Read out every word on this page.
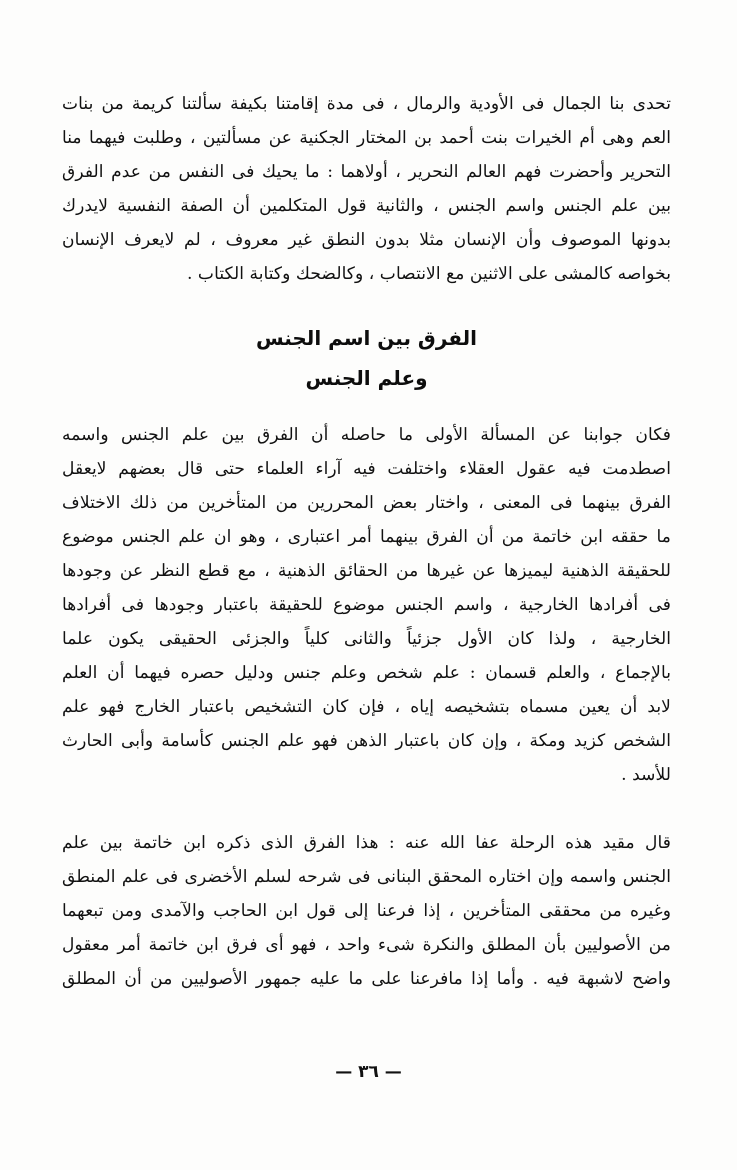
تحدى بنا الجمال فى الأودية والرمال ، فى مدة إقامتنا بكيفة سألتنا كريمة من بنات
العم وهى أم الخيرات بنت أحمد بن المختار الجكنية عن مسألتين ، وطلبت فيهما منا
التحرير وأحضرت فهم العالم النحرير ، أولاهما : ما يحيك فى النفس من عدم الفرق
بين علم الجنس واسم الجنس ، والثانية قول المتكلمين أن الصفة النفسية لايدرك
بدونها الموصوف وأن الإنسان مثلا بدون النطق غير معروف ، لم لايعرف الإنسان
بخواصه كالمشى على الاثنين مع الانتصاب ، وكالضحك وكتابة الكتاب .
الفرق بين اسم الجنس
وعلم الجنس
فكان جوابنا عن المسألة الأولى ما حاصله أن الفرق بين علم الجنس واسمه
اصطدمت فيه عقول العقلاء واختلفت فيه آراء العلماء حتى قال بعضهم لايعقل
الفرق بينهما فى المعنى ، واختار بعض المحررين من المتأخرين من ذلك الاختلاف
ما حققه ابن خاتمة من أن الفرق بينهما أمر اعتبارى ، وهو ان علم الجنس موضوع
للحقيقة الذهنية ليميزها عن غيرها من الحقائق الذهنية ، مع قطع النظر عن وجودها
فى أفرادها الخارجية ، واسم الجنس موضوع للحقيقة باعتبار وجودها فى أفرادها
الخارجية ، ولذا كان الأول جزئياً والثانى كلياً والجزئى الحقيقى يكون علما
بالإجماع ، والعلم قسمان : علم شخص وعلم جنس ودليل حصره فيهما أن العلم
لابد أن يعين مسماه بتشخيصه إياه ، فإن كان التشخيص باعتبار الخارج فهو علم
الشخص كزيد ومكة ، وإن كان باعتبار الذهن فهو علم الجنس كأسامة وأبى الحارث
للأسد .
قال مقيد هذه الرحلة عفا الله عنه : هذا الفرق الذى ذكره ابن خاتمة بين علم
الجنس واسمه وإن اختاره المحقق البنانى فى شرحه لسلم الأخضرى فى علم المنطق
وغيره من محققى المتأخرين ، إذا فرعنا إلى قول ابن الحاجب والآمدى ومن تبعهما
من الأصوليين بأن المطلق والنكرة شىء واحد ، فهو أى فرق ابن خاتمة أمر معقول
واضح لاشبهة فيه . وأما إذا مافرعنا على ما عليه جمهور الأصوليين من أن المطلق
— ٣٦ —
